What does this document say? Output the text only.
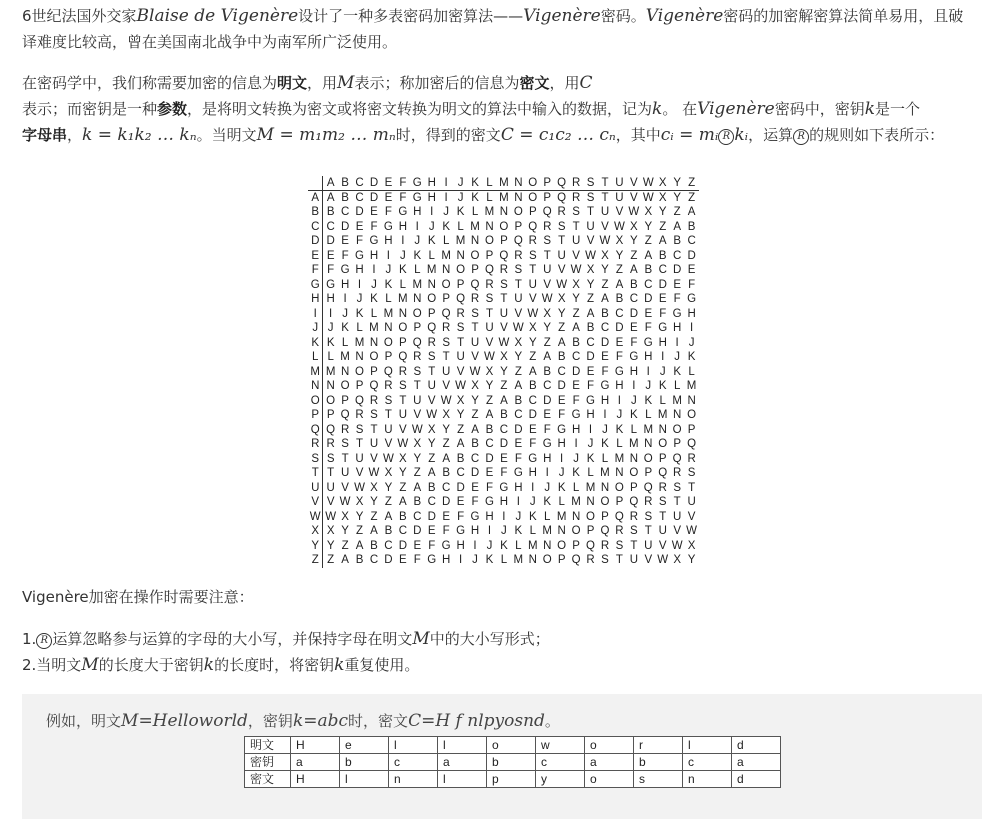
6世纪法国外交家Blaise de Vigenère设计了一种多表密码加密算法——Vigenère密码。Vigenère密码的加密解密算法简单易用，且破译难度比较高，曾在美国南北战争中为南军所广泛使用。

在密码学中，我们称需要加密的信息为明文，用M表示；称加密后的信息为密文，用C
表示；而密钥是一种参数，是将明文转换为密文或将密文转换为明文的算法中输入的数据，记为k。 在Vigenère密码中，密钥k是一个
字母串，k = k₁k₂ … kₙ。当明文M = m₁m₂ … mₙ时，得到的密文C = c₁c₂ … cₙ，其中cᵢ = mᵢ R kᵢ，运算 R 的规则如下表所示：

A B C D E F G H I J K L M N O P Q R S T U V W X Y Z
A A B C D E F G H I J K L M N O P Q R S T U V W X Y Z
B B C D E F G H I J K L M N O P Q R S T U V W X Y Z A
C C D E F G H I J K L M N O P Q R S T U V W X Y Z A B
D D E F G H I J K L M N O P Q R S T U V W X Y Z A B C
E E F G H I J K L M N O P Q R S T U V W X Y Z A B C D
F F G H I J K L M N O P Q R S T U V W X Y Z A B C D E
G G H I J K L M N O P Q R S T U V W X Y Z A B C D E F
H H I J K L M N O P Q R S T U V W X Y Z A B C D E F G
I	I J K L M N O P Q R S T U V W X Y Z A B C D E F G H
J J K L M N O P Q R S T U V W X Y Z A B C D E F G H I
K K L M N O P Q R S T U V W X Y Z A B C D E F G H I J
L L M N O P Q R S T U V W X Y Z A B C D E F G H I J K
M M N O P Q R S T U V W X Y Z A B C D E F G H I J K L
N N O P Q R S T U V W X Y Z A B C D E F G H I J K L M
O O P Q R S T U V W X Y Z A B C D E F G H I J K L M N
P P Q R S T U V W X Y Z A B C D E F G H I J K L M N O
Q Q R S T U V W X Y Z A B C D E F G H I J K L M N O P
R R S T U V W X Y Z A B C D E F G H I J K L M N O P Q
S S T U V W X Y Z A B C D E F G H I J K L M N O P Q R
T T U V W X Y Z A B C D E F G H I J K L M N O P Q R S
U U V W X Y Z A B C D E F G H I J K L M N O P Q R S T
V V W X Y Z A B C D E F G H I J K L M N O P Q R S T U
W W X Y Z A B C D E F G H I J K L M N O P Q R S T U V
X X Y Z A B C D E F G H I J K L M N O P Q R S T U V W
Y Y Z A B C D E F G H I J K L M N O P Q R S T U V W X
Z Z A B C D E F G H I J K L M N O P Q R S T U V W X Y
Vigenère加密在操作时需要注意：
1. R 运算忽略参与运算的字母的大小写，并保持字母在明文M中的大小写形式；
2.当明文M的长度大于密钥k的长度时，将密钥k重复使用。
例如，明文M=Helloworld，密钥k=abc时，密文C=H f nlpyosnd。
明文	H	e	l	l	o	w	o	r	l	d
密钥	a	b	c	a	b	c	a	b	c	a
密文	H	l	n	l	p	y	o	s	n	d
